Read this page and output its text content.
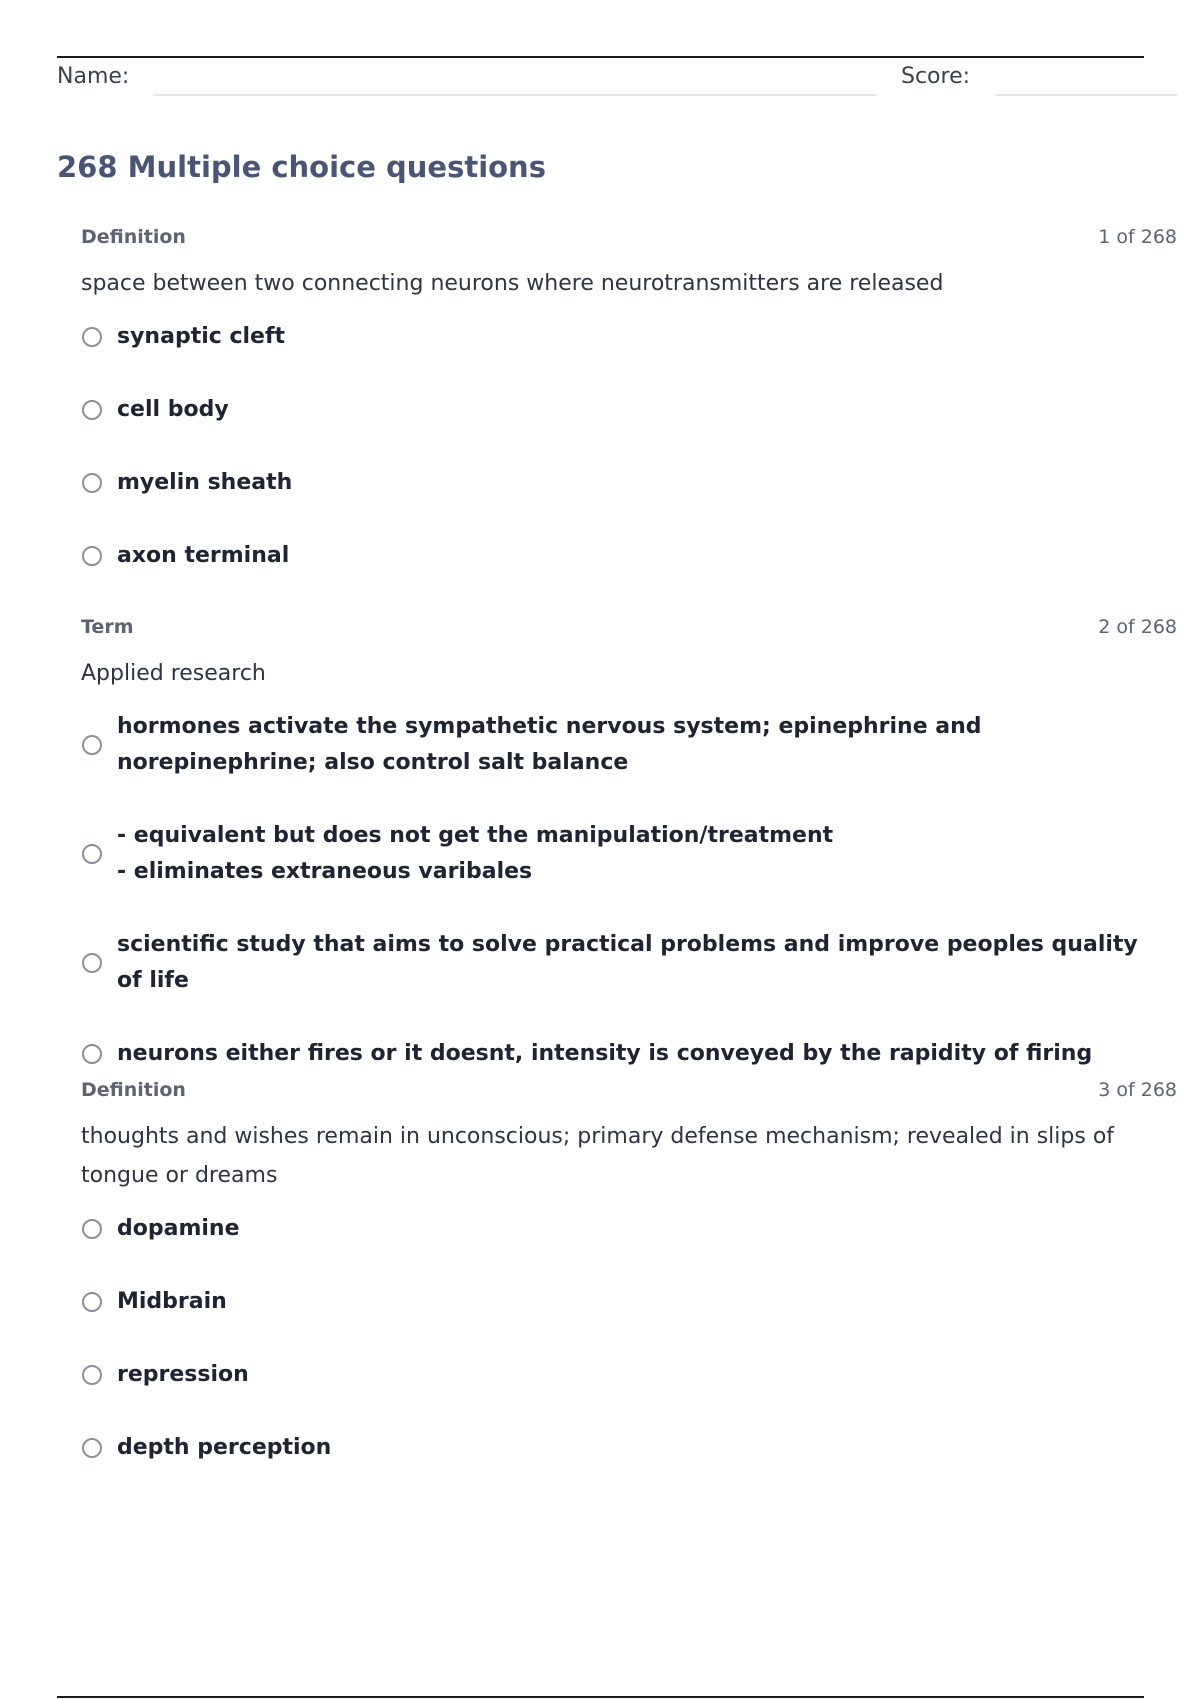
Name:	Score:
268 Multiple choice questions
Definition	1 of 268
space between two connecting neurons where neurotransmitters are released
synaptic cleft
cell body
myelin sheath
axon terminal
Term	2 of 268
Applied research
hormones activate the sympathetic nervous system; epinephrine and norepinephrine; also control salt balance
- equivalent but does not get the manipulation/treatment
- eliminates extraneous varibales
scientific study that aims to solve practical problems and improve peoples quality of life
neurons either fires or it doesnt, intensity is conveyed by the rapidity of firing
Definition	3 of 268
thoughts and wishes remain in unconscious; primary defense mechanism; revealed in slips of tongue or dreams
dopamine
Midbrain
repression
depth perception
